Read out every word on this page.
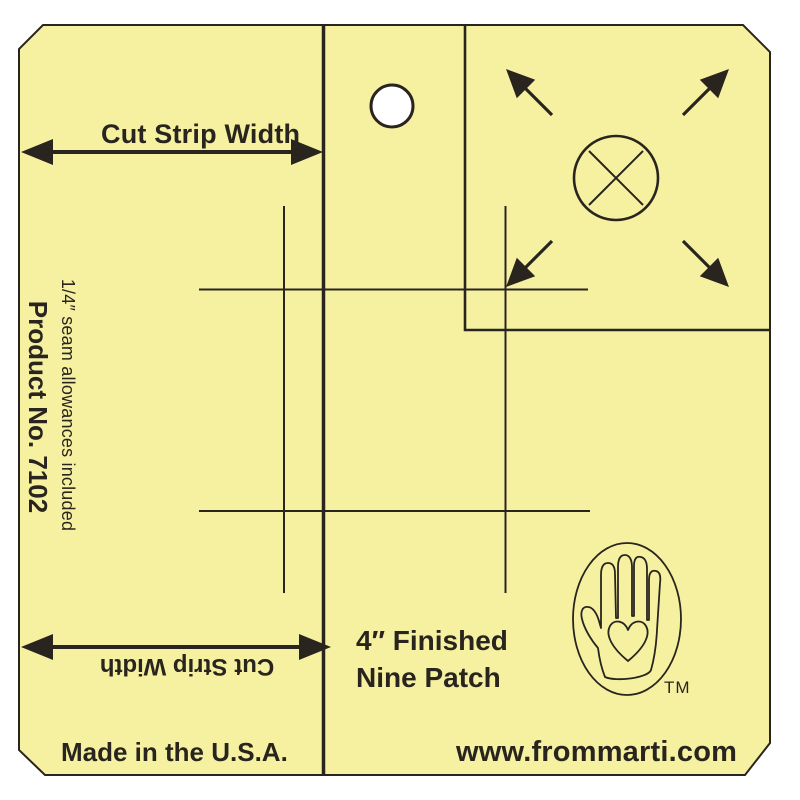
Cut Strip Width
Cut Strip Width
Product No. 7102 1/4″ seam allowances included
4″ Finished
Nine Patch
Made in the U.S.A.	www.frommarti.com
TM
